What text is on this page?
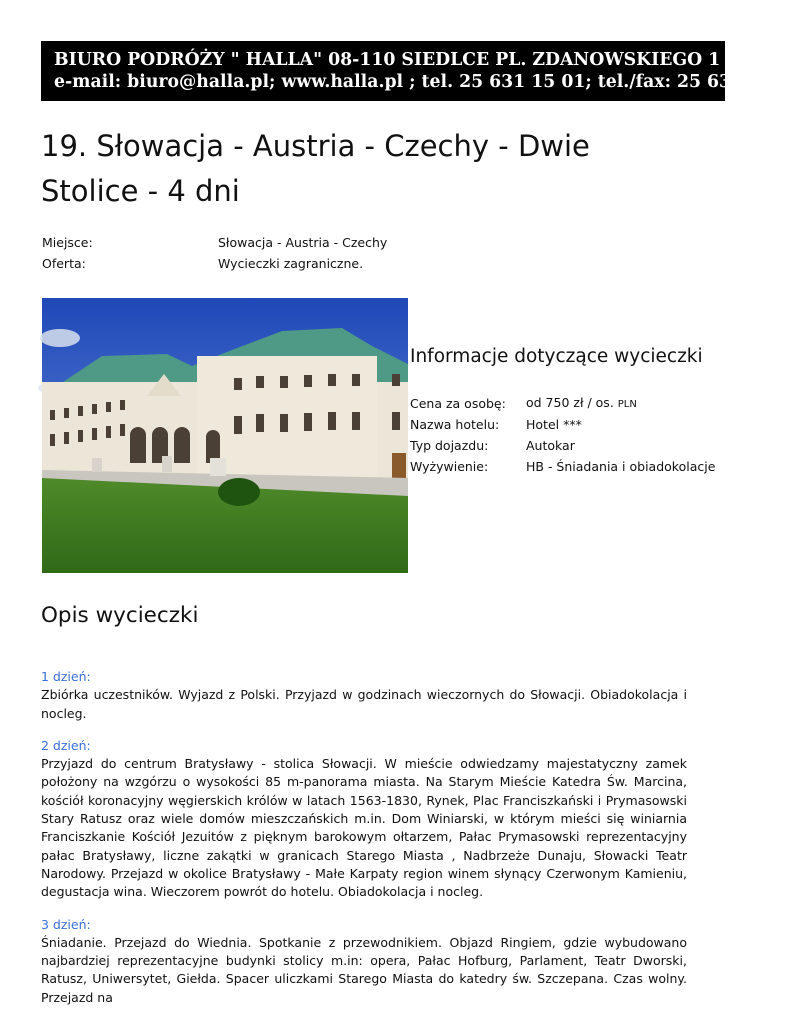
BIURO PODRÓŻY " HALLA" 08-110 SIEDLCE PL. ZDANOWSKIEGO 1
e-mail: biuro@halla.pl; www.halla.pl ; tel. 25 631 15 01; tel./fax: 25 633 02 44
19. Słowacja - Austria - Czechy - Dwie Stolice - 4 dni
Miejsce:	Słowacja - Austria - Czechy
Oferta:	Wycieczki zagraniczne.
Informacje dotyczące wycieczki
Cena za osobę:	od 750 zł / os. PLN
Nazwa hotelu:	Hotel ***
Typ dojazdu:	Autokar
Wyżywienie:	HB - Śniadania i obiadokolacje
Opis wycieczki
1 dzień:
Zbiórka uczestników. Wyjazd z Polski. Przyjazd w godzinach wieczornych do Słowacji. Obiadokolacja i nocleg.
2 dzień:
Przyjazd do centrum Bratysławy - stolica Słowacji. W mieście odwiedzamy majestatyczny zamek położony na wzgórzu o wysokości 85 m-panorama miasta. Na Starym Mieście Katedra Św. Marcina, kościół koronacyjny węgierskich królów w latach 1563-1830, Rynek, Plac Franciszkański i Prymasowski Stary Ratusz oraz wiele domów mieszczańskich m.in. Dom Winiarski, w którym mieści się winiarnia Franciszkanie Kościół Jezuitów z pięknym barokowym ołtarzem, Pałac Prymasowski reprezentacyjny pałac Bratysławy, liczne zakątki w granicach Starego Miasta , Nadbrzeże Dunaju, Słowacki Teatr Narodowy. Przejazd w okolice Bratysławy - Małe Karpaty region winem słynący Czerwonym Kamieniu, degustacja wina. Wieczorem powrót do hotelu. Obiadokolacja i nocleg.
3 dzień:
Śniadanie. Przejazd do Wiednia. Spotkanie z przewodnikiem. Objazd Ringiem, gdzie wybudowano najbardziej reprezentacyjne budynki stolicy m.in: opera, Pałac Hofburg, Parlament, Teatr Dworski, Ratusz, Uniwersytet, Giełda. Spacer uliczkami Starego Miasta do katedry św. Szczepana. Czas wolny. Przejazd na
